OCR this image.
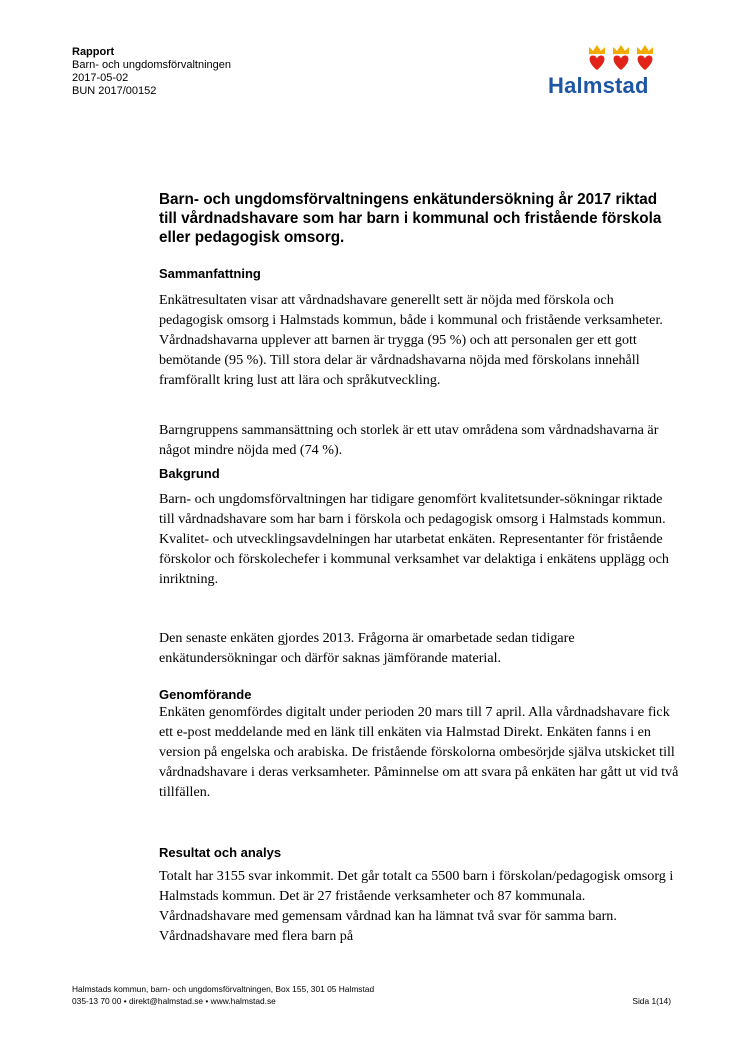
Rapport
Barn- och ungdomsförvaltningen
2017-05-02
BUN 2017/00152	Halmstad
Barn- och ungdomsförvaltningens enkätundersökning år 2017 riktad till vårdnadshavare som har barn i kommunal och fristående förskola eller pedagogisk omsorg.
Sammanfattning

Enkätresultaten visar att vårdnadshavare generellt sett är nöjda med förskola och pedagogisk omsorg i Halmstads kommun, både i kommunal och fristående verksamheter. Vårdnadshavarna upplever att barnen är trygga (95 %) och att personalen ger ett gott bemötande (95 %). Till stora delar är vårdnadshavarna nöjda med förskolans innehåll framförallt kring lust att lära och språkutveckling.

Barngruppens sammansättning och storlek är ett utav områdena som vårdnadshavarna är något mindre nöjda med (74 %).

Bakgrund

Barn- och ungdomsförvaltningen har tidigare genomfört kvalitetsunder-sökningar riktade till vårdnadshavare som har barn i förskola och pedagogisk omsorg i Halmstads kommun. Kvalitet- och utvecklingsavdelningen har utarbetat enkäten. Representanter för fristående förskolor och förskolechefer i kommunal verksamhet var delaktiga i enkätens upplägg och inriktning.

Den senaste enkäten gjordes 2013. Frågorna är omarbetade sedan tidigare enkätundersökningar och därför saknas jämförande material.

Genomförande

Enkäten genomfördes digitalt under perioden 20 mars till 7 april. Alla vårdnadshavare fick ett e-post meddelande med en länk till enkäten via Halmstad Direkt. Enkäten fanns i en version på engelska och arabiska. De fristående förskolorna ombesörjde själva utskicket till vårdnadshavare i deras verksamheter. Påminnelse om att svara på enkäten har gått ut vid två tillfällen.

Resultat och analys

Totalt har 3155 svar inkommit. Det går totalt ca 5500 barn i förskolan/pedagogisk omsorg i Halmstads kommun. Det är 27 fristående verksamheter och 87 kommunala. Vårdnadshavare med gemensam vårdnad kan ha lämnat två svar för samma barn. Vårdnadshavare med flera barn på

Halmstads kommun, barn- och ungdomsförvaltningen, Box 155, 301 05 Halmstad
035-13 70 00 • direkt@halmstad.se • www.halmstad.se	Sida 1(14)
